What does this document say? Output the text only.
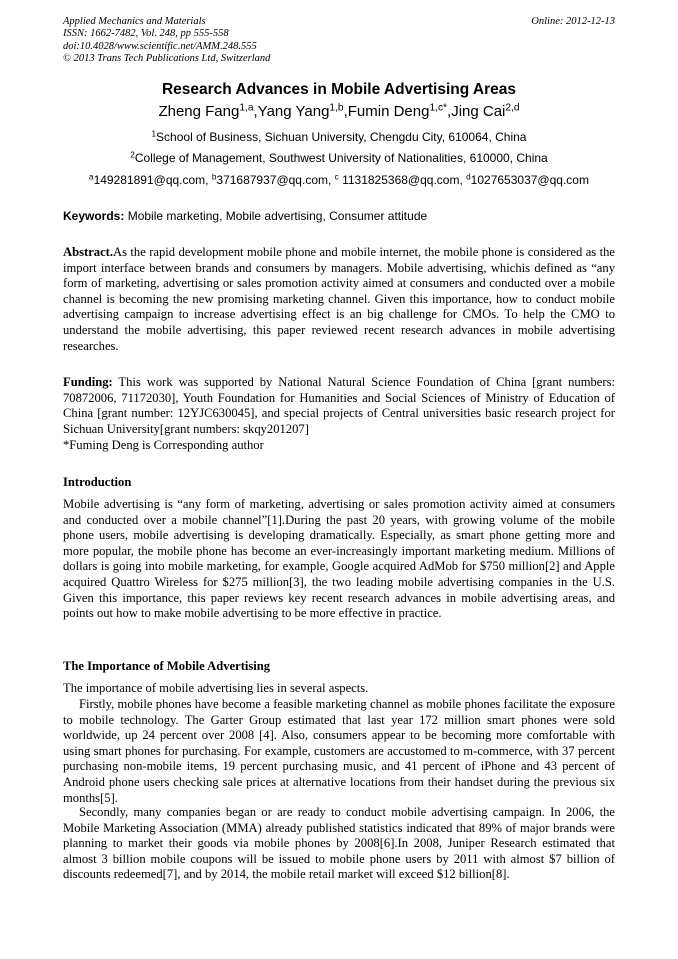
Applied Mechanics and Materials
ISSN: 1662-7482, Vol. 248, pp 555-558
doi:10.4028/www.scientific.net/AMM.248.555
© 2013 Trans Tech Publications Ltd, Switzerland
Online: 2012-12-13
Research Advances in Mobile Advertising Areas
Zheng Fang$^{1,a}$,Yang Yang$^{1,b}$,Fumin Deng$^{1,c*}$,Jing Cai$^{2,d}$
$^1$School of Business, Sichuan University, Chengdu City, 610064, China
$^2$College of Management, Southwest University of Nationalities, 610000, China
$^a$149281891@qq.com, $^b$371687937@qq.com, $^c$ 1131825368@qq.com, $^d$1027653037@qq.com
Keywords: Mobile marketing, Mobile advertising, Consumer attitude
Abstract.As the rapid development mobile phone and mobile internet, the mobile phone is considered as the import interface between brands and consumers by managers. Mobile advertising, whichis defined as “any form of marketing, advertising or sales promotion activity aimed at consumers and conducted over a mobile channel is becoming the new promising marketing channel. Given this importance, how to conduct mobile advertising campaign to increase advertising effect is an big challenge for CMOs. To help the CMO to understand the mobile advertising, this paper reviewed recent research advances in mobile advertising researches.
Funding: This work was supported by National Natural Science Foundation of China [grant numbers: 70872006, 71172030], Youth Foundation for Humanities and Social Sciences of Ministry of Education of China [grant number: 12YJC630045], and special projects of Central universities basic research project for Sichuan University[grant numbers: skqy201207]
*Fuming Deng is Corresponding author
Introduction
Mobile advertising is “any form of marketing, advertising or sales promotion activity aimed at consumers and conducted over a mobile channel”[1].During the past 20 years, with growing volume of the mobile phone users, mobile advertising is developing dramatically. Especially, as smart phone getting more and more popular, the mobile phone has become an ever-increasingly important marketing medium. Millions of dollars is going into mobile marketing, for example, Google acquired AdMob for $750 million[2] and Apple acquired Quattro Wireless for $275 million[3], the two leading mobile advertising companies in the U.S. Given this importance, this paper reviews key recent research advances in mobile advertising areas, and points out how to make mobile advertising to be more effective in practice.
The Importance of Mobile Advertising
The importance of mobile advertising lies in several aspects.
Firstly, mobile phones have become a feasible marketing channel as mobile phones facilitate the exposure to mobile technology. The Garter Group estimated that last year 172 million smart phones were sold worldwide, up 24 percent over 2008 [4]. Also, consumers appear to be becoming more comfortable with using smart phones for purchasing. For example, customers are accustomed to m-commerce, with 37 percent purchasing non-mobile items, 19 percent purchasing music, and 41 percent of iPhone and 43 percent of Android phone users checking sale prices at alternative locations from their handset during the previous six months[5].
Secondly, many companies began or are ready to conduct mobile advertising campaign. In 2006, the Mobile Marketing Association (MMA) already published statistics indicated that 89% of major brands were planning to market their goods via mobile phones by 2008[6].In 2008, Juniper Research estimated that almost 3 billion mobile coupons will be issued to mobile phone users by 2011 with almost $7 billion of discounts redeemed[7], and by 2014, the mobile retail market will exceed $12 billion[8].
